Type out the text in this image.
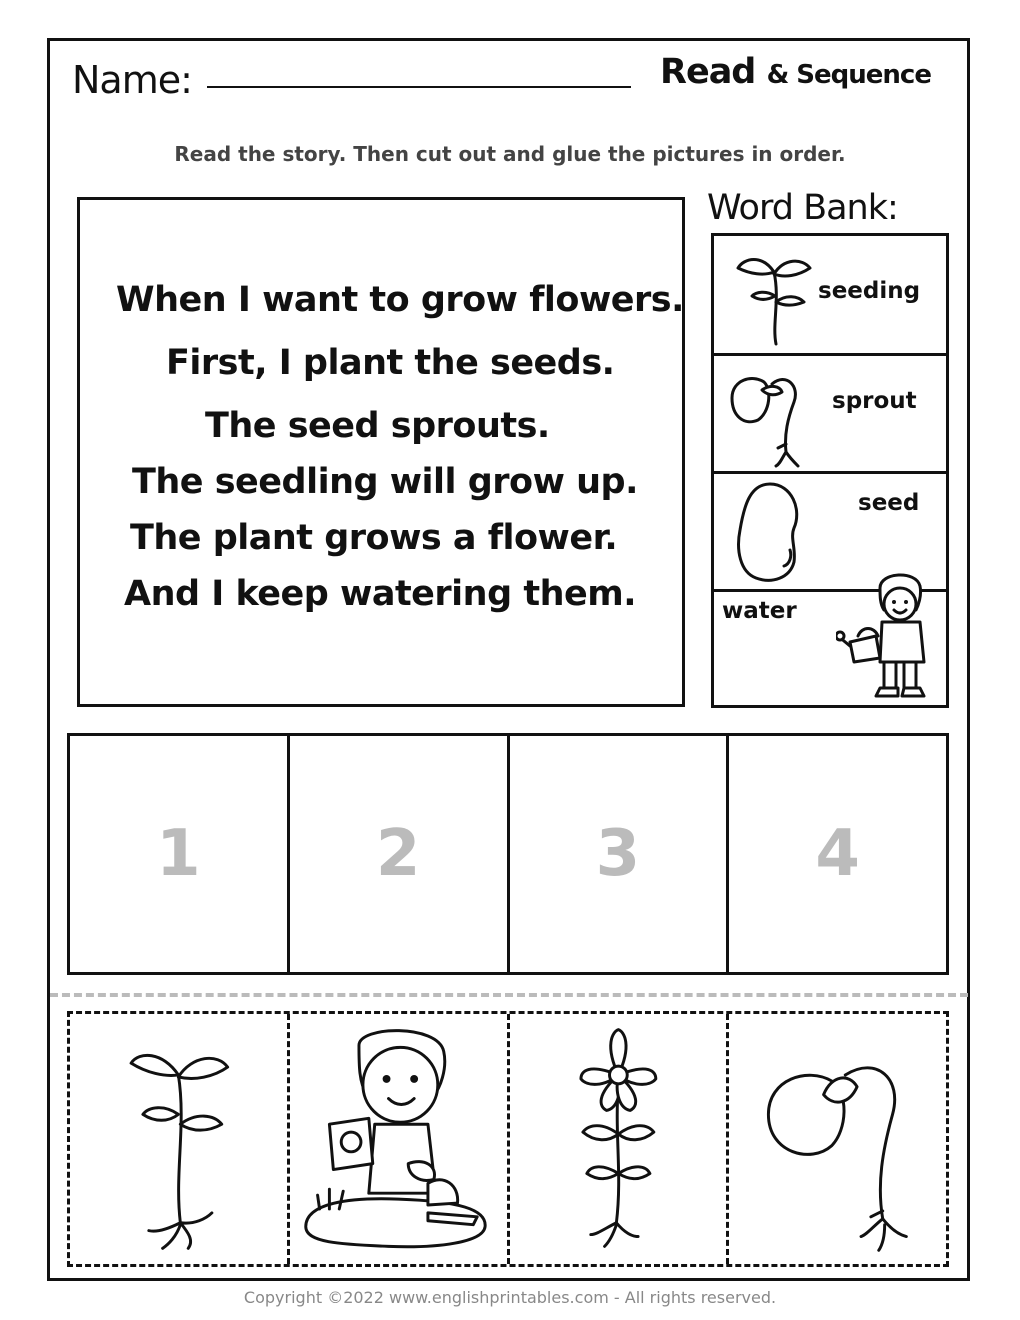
Name:	Read & Sequence
Read the story. Then cut out and glue the pictures in order.
When I want to grow flowers.
First, I plant the seeds.
The seed sprouts.
The seedling will grow up.
The plant grows a flower.
And I keep watering them.
Word Bank:
seeding
sprout
seed
water
1	2	3	4
Copyright ©2022 www.englishprintables.com - All rights reserved.
